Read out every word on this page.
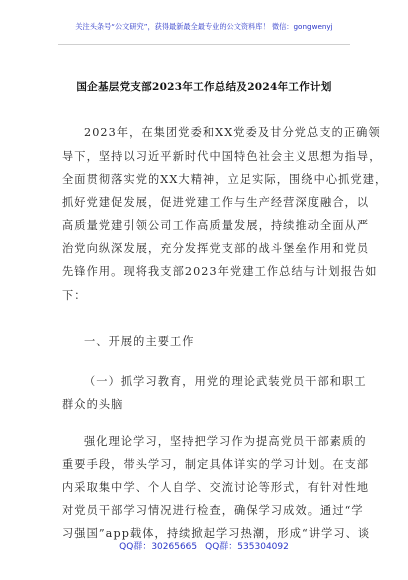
关注头条号“公文研究”，获得最新最全最专业的公文资料库！ 微信：gongwenyj
国企基层党支部2023年工作总结及2024年工作计划
2023年，在集团党委和XX党委及甘分党总支的正确领
导下，坚持以习近平新时代中国特色社会主义思想为指导，
全面贯彻落实党的XX大精神，立足实际，围绕中心抓党建，
抓好党建促发展，促进党建工作与生产经营深度融合，以
高质量党建引领公司工作高质量发展，持续推动全面从严
治党向纵深发展，充分发挥党支部的战斗堡垒作用和党员
先锋作用。现将我支部2023年党建工作总结与计划报告如
下：
一、开展的主要工作
（一）抓学习教育，用党的理论武装党员干部和职工
群众的头脑
强化理论学习，坚持把学习作为提高党员干部素质的
重要手段，带头学习，制定具体详实的学习计划。在支部
内采取集中学、个人自学、交流讨论等形式，有针对性地
对党员干部学习情况进行检查，确保学习成效。通过“学
习强国”app载体，持续掀起学习热潮，形成“讲学习、谈
QQ群：30265665 QQ群：535304092
